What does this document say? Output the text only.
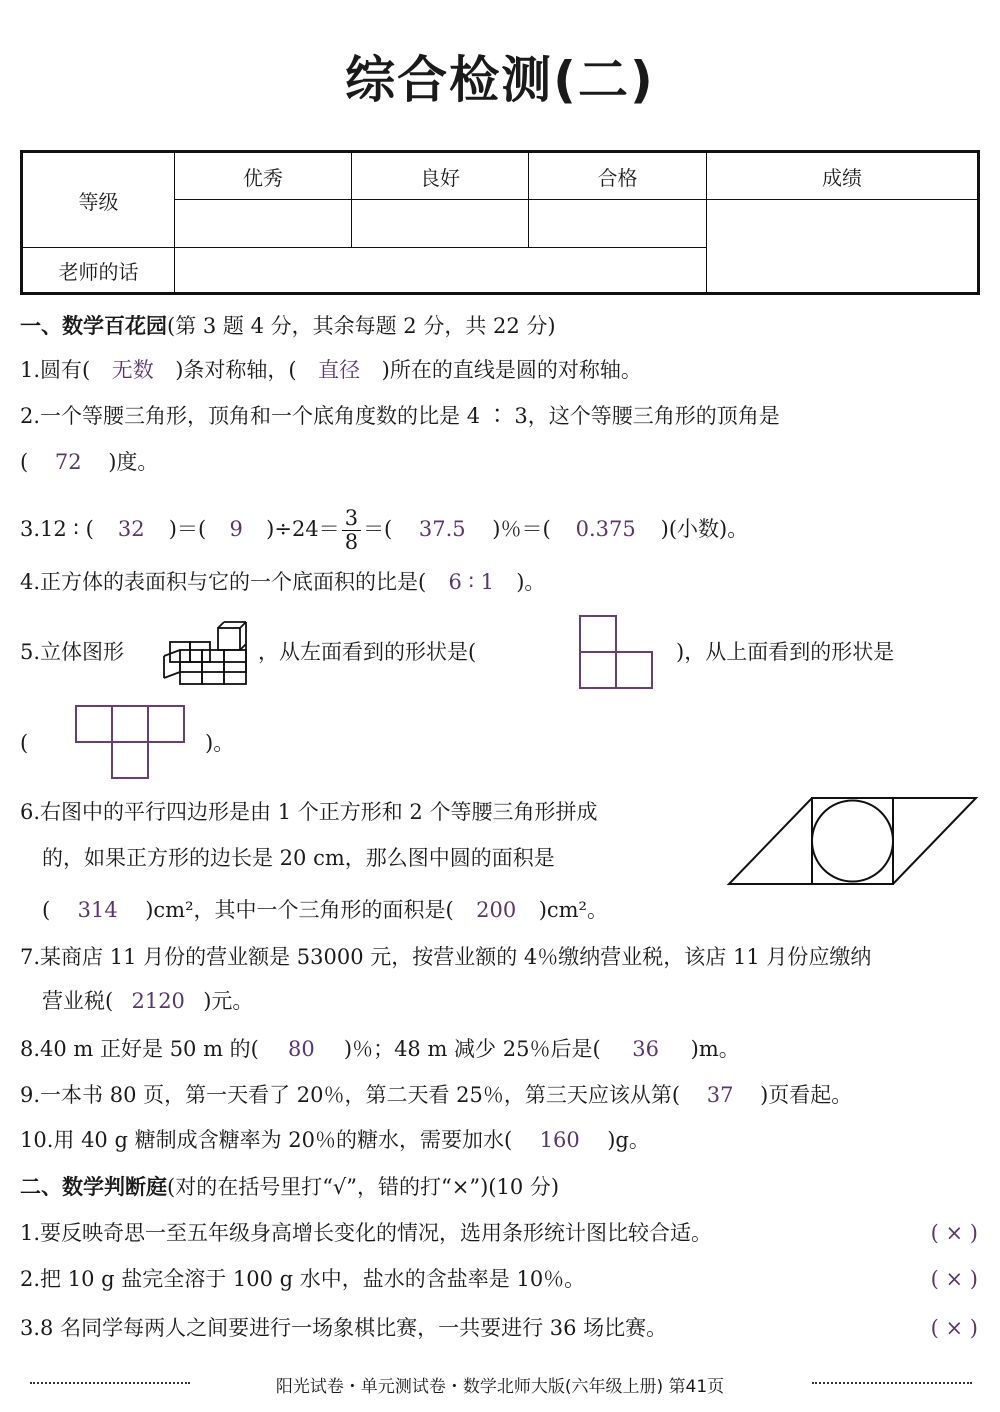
综合检测(二)
等级	优秀	良好	合格	成绩

老师的话				
一、数学百花园(第 3 题 4 分，其余每题 2 分，共 22 分)
1.圆有( 无数 )条对称轴，( 直径 )所在的直线是圆的对称轴。
2.一个等腰三角形，顶角和一个底角度数的比是 4 ∶ 3，这个等腰三角形的顶角是
( 72 )度。
3.12 ∶ ( 32 )＝( 9 )$\div 24= \frac{3}{8}$ ＝( 37.5 )％＝( 0.375 )(小数)。
4.正方体的表面积与它的一个底面积的比是( 6 ∶ 1 )。
5.立体图形	，从左面看到的形状是(	)，从上面看到的形状是
(	)。
6.右图中的平行四边形是由 1 个正方形和 2 个等腰三角形拼成
的，如果正方形的边长是 20 cm，那么图中圆的面积是
( 314 )cm²，其中一个三角形的面积是( 200 )cm²。
7.某商店 11 月份的营业额是 53000 元，按营业额的 4％缴纳营业税，该店 11 月份应缴纳
营业税( 2120 )元。
8.40 m 正好是 50 m 的( 80 )％；48 m 减少 25％后是( 36 )m。
9.一本书 80 页，第一天看了 20％，第二天看 25％，第三天应该从第( 37 )页看起。
10.用 40 g 糖制成含糖率为 20％的糖水，需要加水( 160 )g。
二、数学判断庭(对的在括号里打“√”，错的打“×”)(10 分)
1.要反映奇思一至五年级身高增长变化的情况，选用条形统计图比较合适。	( × )
2.把 10 g 盐完全溶于 100 g 水中，盐水的含盐率是 10％。	( × )
3.8 名同学每两人之间要进行一场象棋比赛，一共要进行 36 场比赛。	( × )
阳光试卷・单元测试卷・数学北师大版(六年级上册) 第41页
